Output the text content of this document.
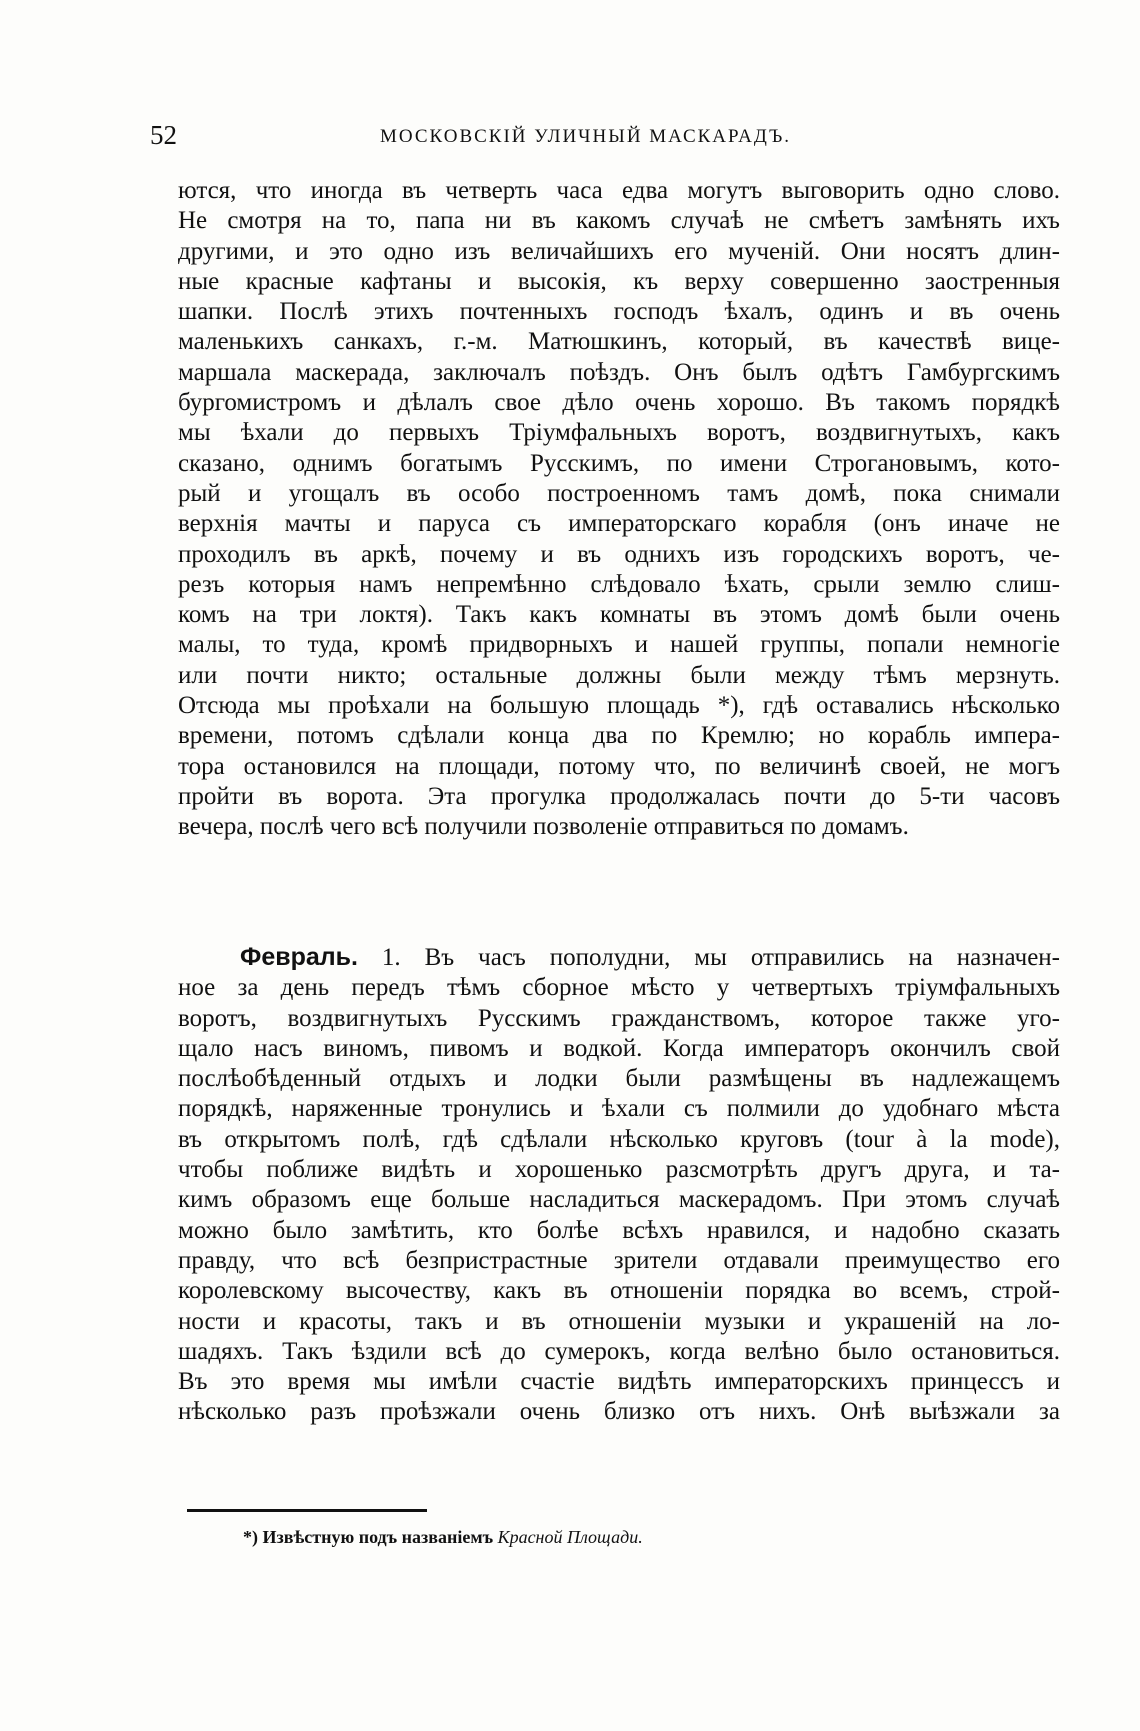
52	МОСКОВСКІЙ УЛИЧНЫЙ МАСКАРАДЪ.
ются, что иногда въ четверть часа едва могутъ выговорить одно слово.
Не смотря на то, папа ни въ какомъ случаѣ не смѣетъ замѣнять ихъ
другими, и это одно изъ величайшихъ его мученій. Они носятъ длин-
ные красные кафтаны и высокія, къ верху совершенно заостренныя
шапки. Послѣ этихъ почтенныхъ господъ ѣхалъ, одинъ и въ очень
маленькихъ санкахъ, г.-м. Матюшкинъ, который, въ качествѣ вице-
маршала маскерада, заключалъ поѣздъ. Онъ былъ одѣтъ Гамбургскимъ
бургомистромъ и дѣлалъ свое дѣло очень хорошо. Въ такомъ порядкѣ
мы ѣхали до первыхъ Тріумфальныхъ воротъ, воздвигнутыхъ, какъ
сказано, однимъ богатымъ Русскимъ, по имени Строгановымъ, кото-
рый и угощалъ въ особо построенномъ тамъ домѣ, пока снимали
верхнія мачты и паруса съ императорскаго корабля (онъ иначе не
проходилъ въ аркѣ, почему и въ однихъ изъ городскихъ воротъ, че-
резъ которыя намъ непремѣнно слѣдовало ѣхать, срыли землю слиш-
комъ на три локтя). Такъ какъ комнаты въ этомъ домѣ были очень
малы, то туда, кромѣ придворныхъ и нашей группы, попали немногіе
или почти никто; остальные должны были между тѣмъ мерзнуть.
Отсюда мы проѣхали на большую площадь *), гдѣ оставались нѣсколько
времени, потомъ сдѣлали конца два по Кремлю; но корабль импера-
тора остановился на площади, потому что, по величинѣ своей, не могъ
пройти въ ворота. Эта прогулка продолжалась почти до 5-ти часовъ
вечера, послѣ чего всѣ получили позволеніе отправиться по домамъ.
Февраль. 1. Въ часъ пополудни, мы отправились на назначен-
ное за день передъ тѣмъ сборное мѣсто у четвертыхъ тріумфальныхъ
воротъ, воздвигнутыхъ Русскимъ гражданствомъ, которое также уго-
щало насъ виномъ, пивомъ и водкой. Когда императоръ окончилъ свой
послѣобѣденный отдыхъ и лодки были размѣщены въ надлежащемъ
порядкѣ, наряженные тронулись и ѣхали съ полмили до удобнаго мѣста
въ открытомъ полѣ, гдѣ сдѣлали нѣсколько круговъ (tour à la mode),
чтобы поближе видѣть и хорошенько разсмотрѣть другъ друга, и та-
кимъ образомъ еще больше насладиться маскерадомъ. При этомъ случаѣ
можно было замѣтить, кто болѣе всѣхъ нравился, и надобно сказать
правду, что всѣ безпристрастные зрители отдавали преимущество его
королевскому высочеству, какъ въ отношеніи порядка во всемъ, строй-
ности и красоты, такъ и въ отношеніи музыки и украшеній на ло-
шадяхъ. Такъ ѣздили всѣ до сумерокъ, когда велѣно было остановиться.
Въ это время мы имѣли счастіе видѣть императорскихъ принцессъ и
нѣсколько разъ проѣзжали очень близко отъ нихъ. Онѣ выѣзжали за
*) Извѣстную подъ названіемъ Красной Площади.
